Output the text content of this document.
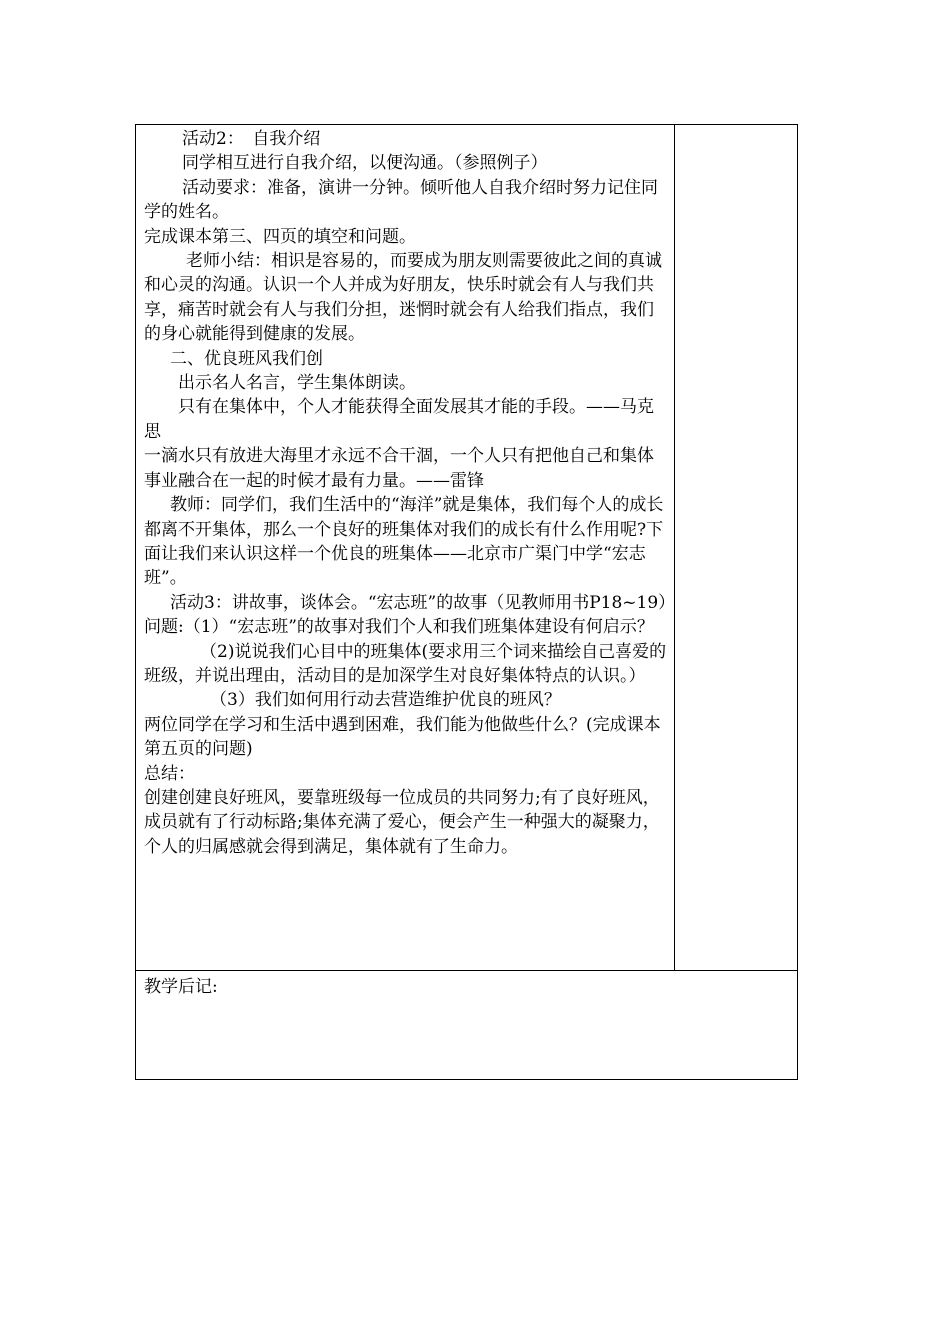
活动2：　自我介绍

同学相互进行自我介绍，以便沟通。（参照例子）

活动要求：准备，演讲一分钟。倾听他人自我介绍时努力记住同学的姓名。

完成课本第三、四页的填空和问题。

老师小结：相识是容易的，而要成为朋友则需要彼此之间的真诚和心灵的沟通。认识一个人并成为好朋友，快乐时就会有人与我们共享，痛苦时就会有人与我们分担，迷惘时就会有人给我们指点，我们的身心就能得到健康的发展。

二、优良班风我们创

出示名人名言，学生集体朗读。

只有在集体中，个人才能获得全面发展其才能的手段。——马克思

一滴水只有放进大海里才永远不合干涸，一个人只有把他自己和集体事业融合在一起的时候才最有力量。——雷锋

教师：同学们，我们生活中的“海洋”就是集体，我们每个人的成长都离不开集体，那么一个良好的班集体对我们的成长有什么作用呢?下面让我们来认识这样一个优良的班集体——北京市广渠门中学“宏志班”。

活动3：讲故事，谈体会。“宏志班”的故事（见教师用书P18~19）

问题:（1）“宏志班”的故事对我们个人和我们班集体建设有何启示？

（2)说说我们心目中的班集体(要求用三个词来描绘自己喜爱的班级，并说出理由，活动目的是加深学生对良好集体特点的认识。）

（3）我们如何用行动去营造维护优良的班风？

两位同学在学习和生活中遇到困难，我们能为他做些什么？(完成课本第五页的问题)

总结：

创建创建良好班风，要靠班级每一位成员的共同努力;有了良好班风，成员就有了行动标路;集体充满了爱心，便会产生一种强大的凝聚力，个人的归属感就会得到满足，集体就有了生命力。

教学后记:
